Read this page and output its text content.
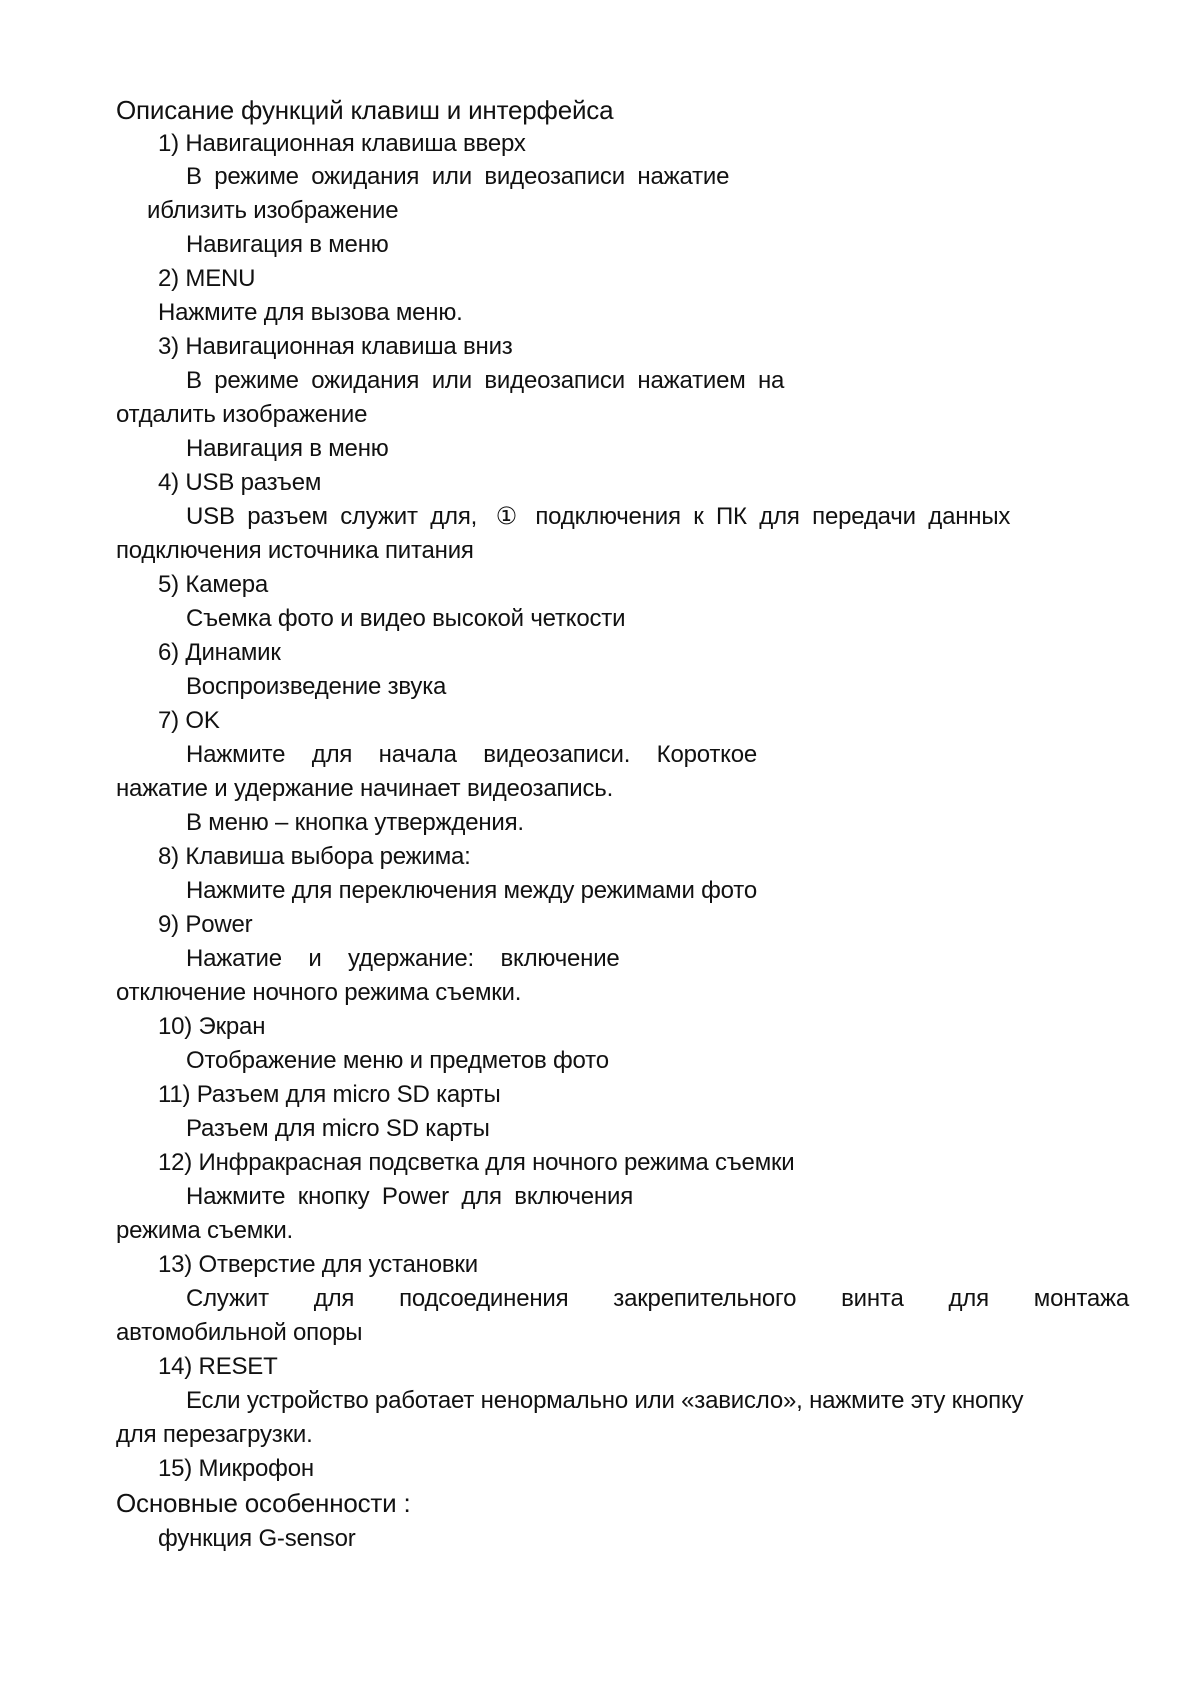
Описание функций клавиш и интерфейса
1) Навигационная клавиша вверх
В режиме ожидания или видеозаписи нажатие
иблизить изображение
Навигация в меню
2) MENU
Нажмите для вызова меню.
3) Навигационная клавиша вниз
В режиме ожидания или видеозаписи нажатием на
отдалить изображение
Навигация в меню
4) USB разъем
USB разъем служит для, ① подключения к ПК для передачи данных
подключения источника питания
5) Камера
Съемка фото и видео высокой четкости
6) Динамик
Воспроизведение звука
7) OK
Нажмите для начала видеозаписи. Короткое
нажатие и удержание начинает видеозапись.
В меню – кнопка утверждения.
8) Клавиша выбора режима:
Нажмите для переключения между режимами фото
9) Power
Нажатие и удержание: включение
отключение ночного режима съемки.
10) Экран
Отображение меню и предметов фото
11) Разъем для micro SD карты
Разъем для micro SD карты
12) Инфракрасная подсветка для ночного режима съемки
Нажмите кнопку Power для включения
режима съемки.
13) Отверстие для установки
Служит для подсоединения закрепительного винта для монтажа
автомобильной опоры
14) RESET
Если устройство работает ненормально или «зависло», нажмите эту кнопку
для перезагрузки.
15) Микрофон
Основные особенности :
функция G-sensor
